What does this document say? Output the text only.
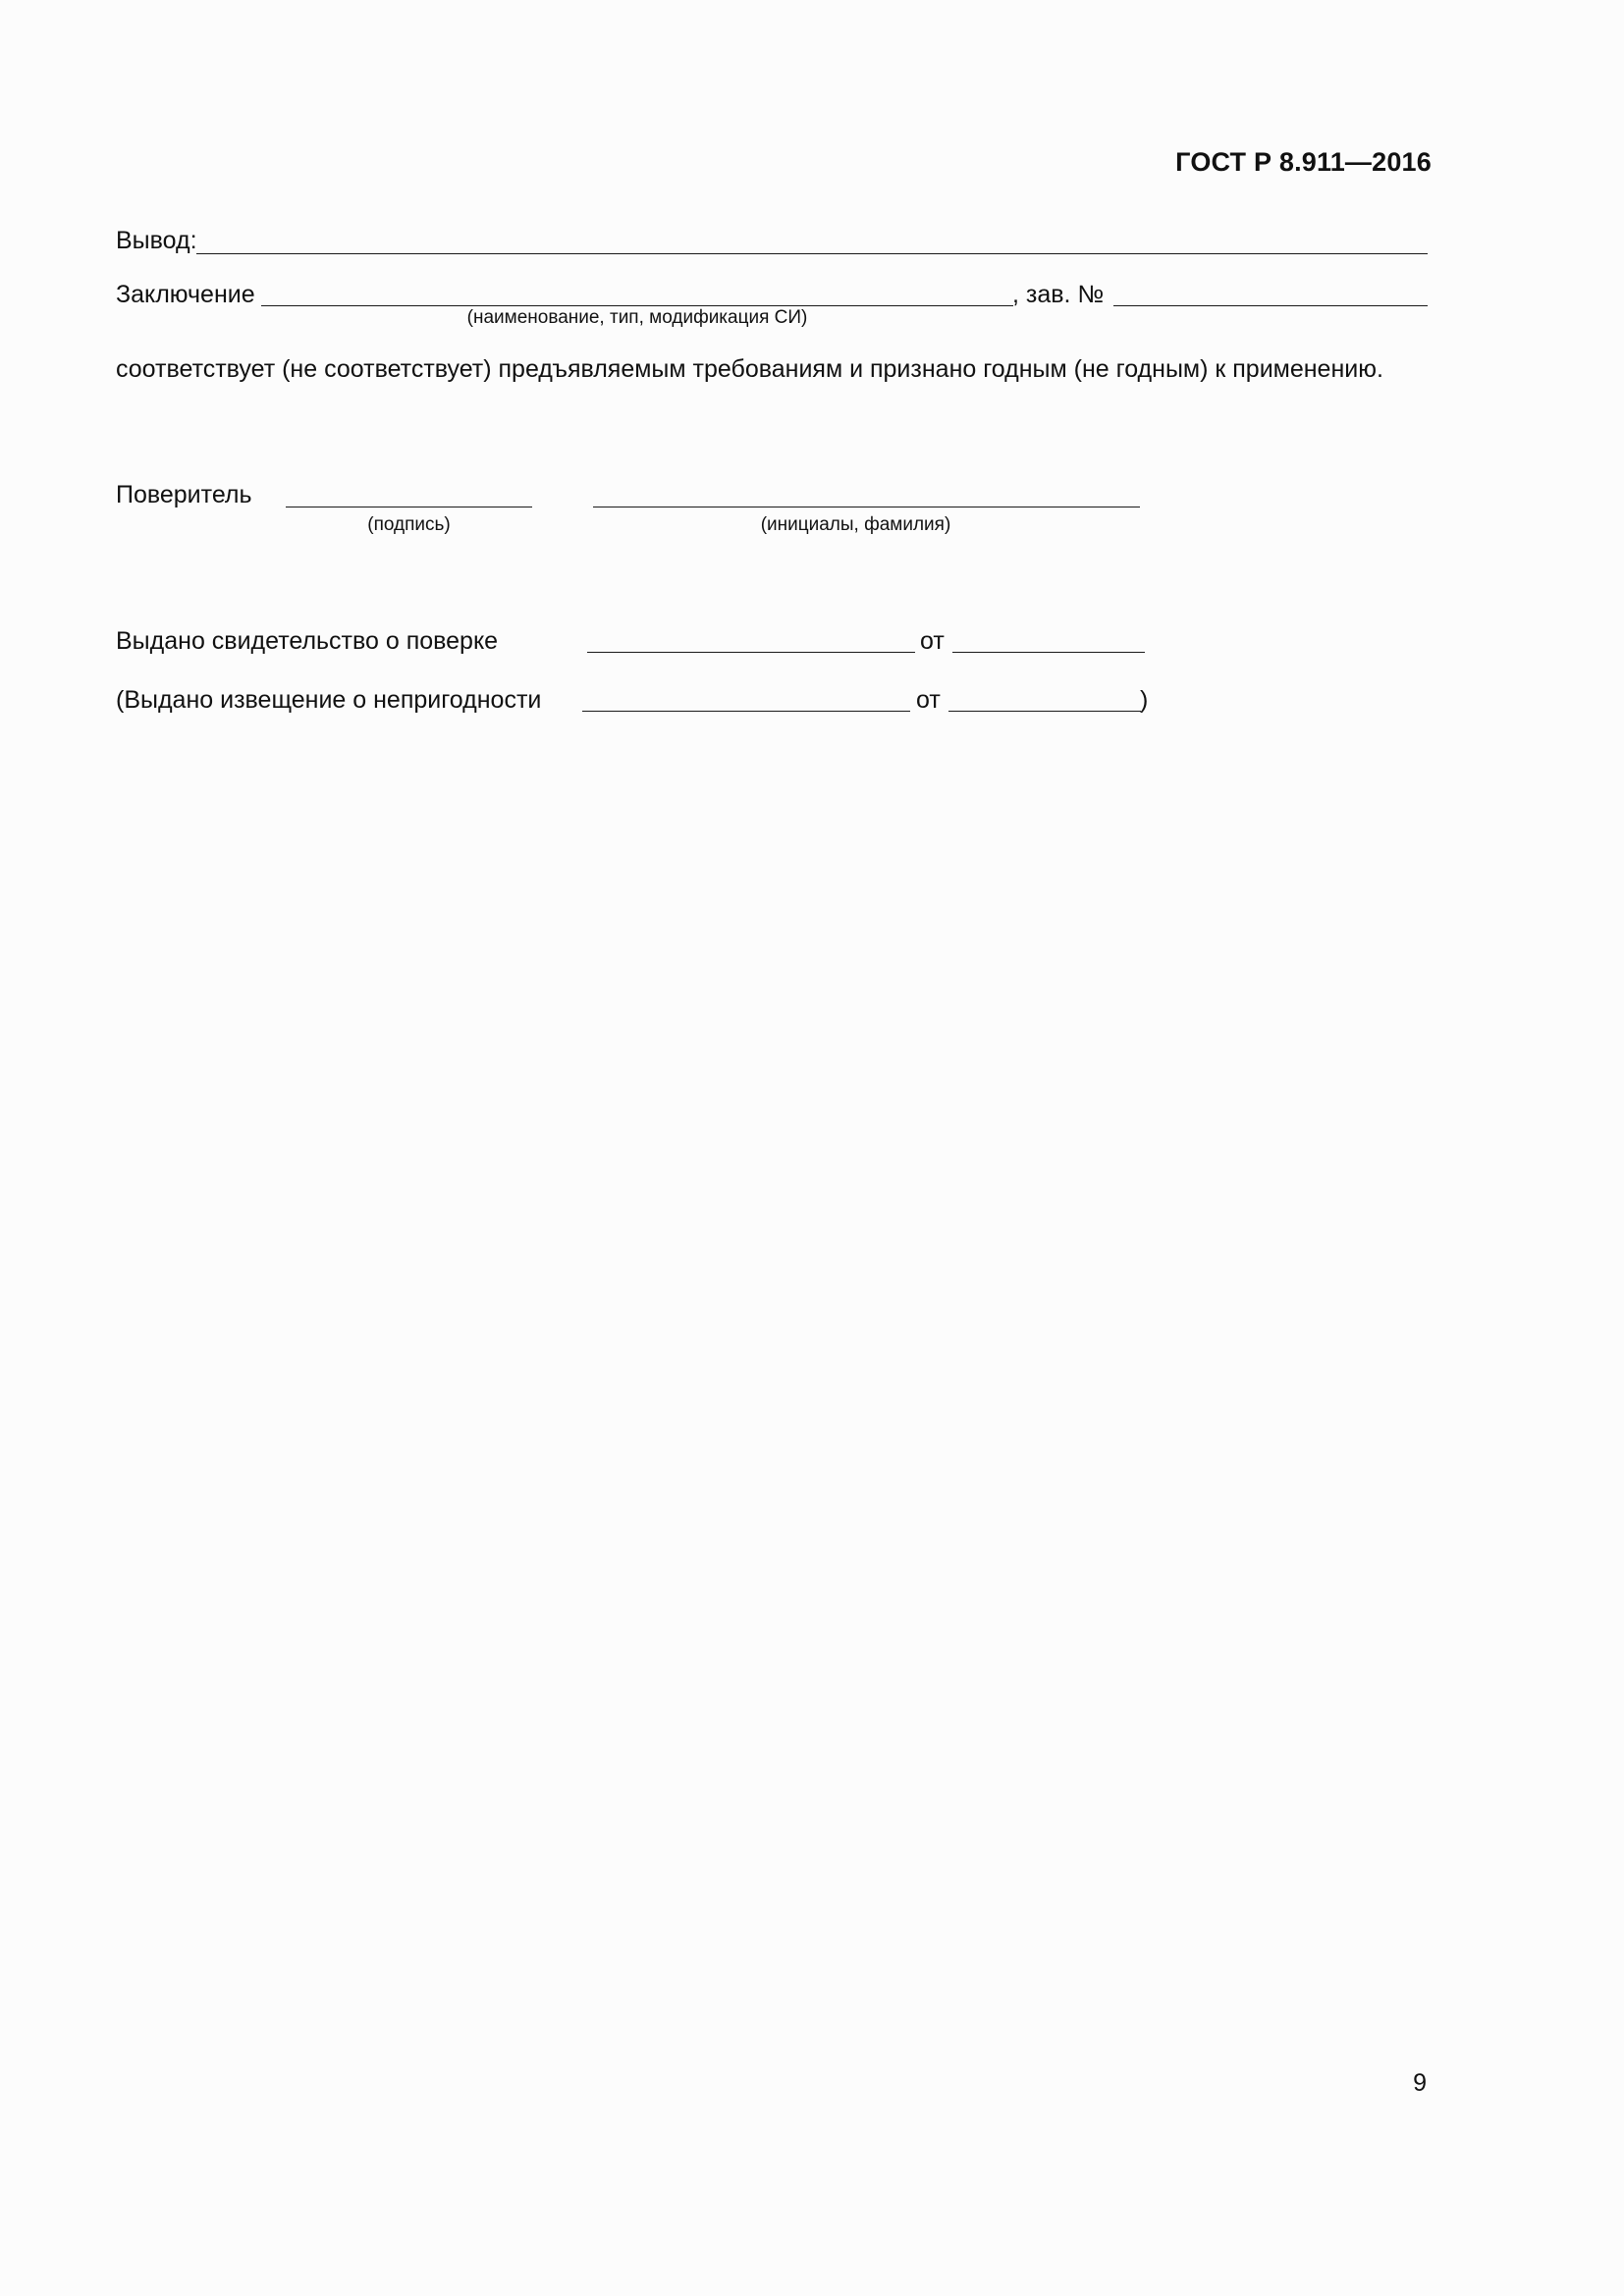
ГОСТ Р 8.911—2016
Вывод:
Заключение	, зав. №
(наименование, тип, модификация СИ)
соответствует (не соответствует) предъявляемым требованиям и признано годным (не годным) к применению.
Поверитель
(подпись)	(инициалы, фамилия)
Выдано свидетельство о поверке	от
(Выдано извещение о непригодности	от	)
9
